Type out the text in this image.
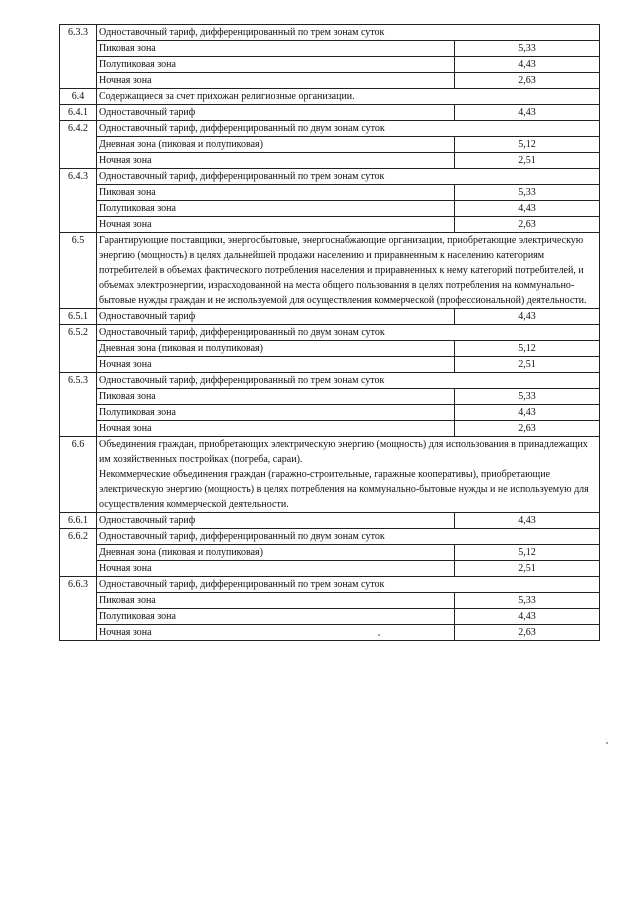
6.3.3	Одноставочный тариф, дифференцированный по трем зонам суток	
	Пиковая зона	5,33
	Полупиковая зона	4,43
	Ночная зона	2,63
6.4	Содержащиеся за счет прихожан религиозные организации.	
6.4.1	Одноставочный тариф	4,43
6.4.2	Одноставочный тариф, дифференцированный по двум зонам суток	
	Дневная зона (пиковая и полупиковая)	5,12
	Ночная зона	2,51
6.4.3	Одноставочный тариф, дифференцированный по трем зонам суток	
	Пиковая зона	5,33
	Полупиковая зона	4,43
	Ночная зона	2,63
6.5	Гарантирующие поставщики, энергосбытовые, энергоснабжающие организации, приобретающие электрическую энергию (мощность) в целях дальнейшей продажи населению и приравненным к населению категориям потребителей в объемах фактического потребления населения и приравненных к нему категорий потребителей, и объемах электроэнергии, израсходованной на места общего пользования в целях потребления на коммунально-бытовые нужды граждан и не используемой для осуществления коммерческой (профессиональной) деятельности.	
6.5.1	Одноставочный тариф	4,43
6.5.2	Одноставочный тариф, дифференцированный по двум зонам суток	
	Дневная зона (пиковая и полупиковая)	5,12
	Ночная зона	2,51
6.5.3	Одноставочный тариф, дифференцированный по трем зонам суток	
	Пиковая зона	5,33
	Полупиковая зона	4,43
	Ночная зона	2,63
6.6	Объединения граждан, приобретающих электрическую энергию (мощность) для использования в принадлежащих им хозяйственных постройках (погреба, сараи).
Некоммерческие объединения граждан (гаражно-строительные, гаражные кооперативы), приобретающие электрическую энергию (мощность) в целях потребления на коммунально-бытовые нужды и не используемую для осуществления коммерческой деятельности.	

6.6.1	Одноставочный тариф	4,43
6.6.2	Одноставочный тариф, дифференцированный по двум зонам суток	
	Дневная зона (пиковая и полупиковая)	5,12
	Ночная зона	2,51
6.6.3	Одноставочный тариф, дифференцированный по трем зонам суток	
	Пиковая зона	5,33
	Полупиковая зона	4,43
	Ночная зона	2,63
